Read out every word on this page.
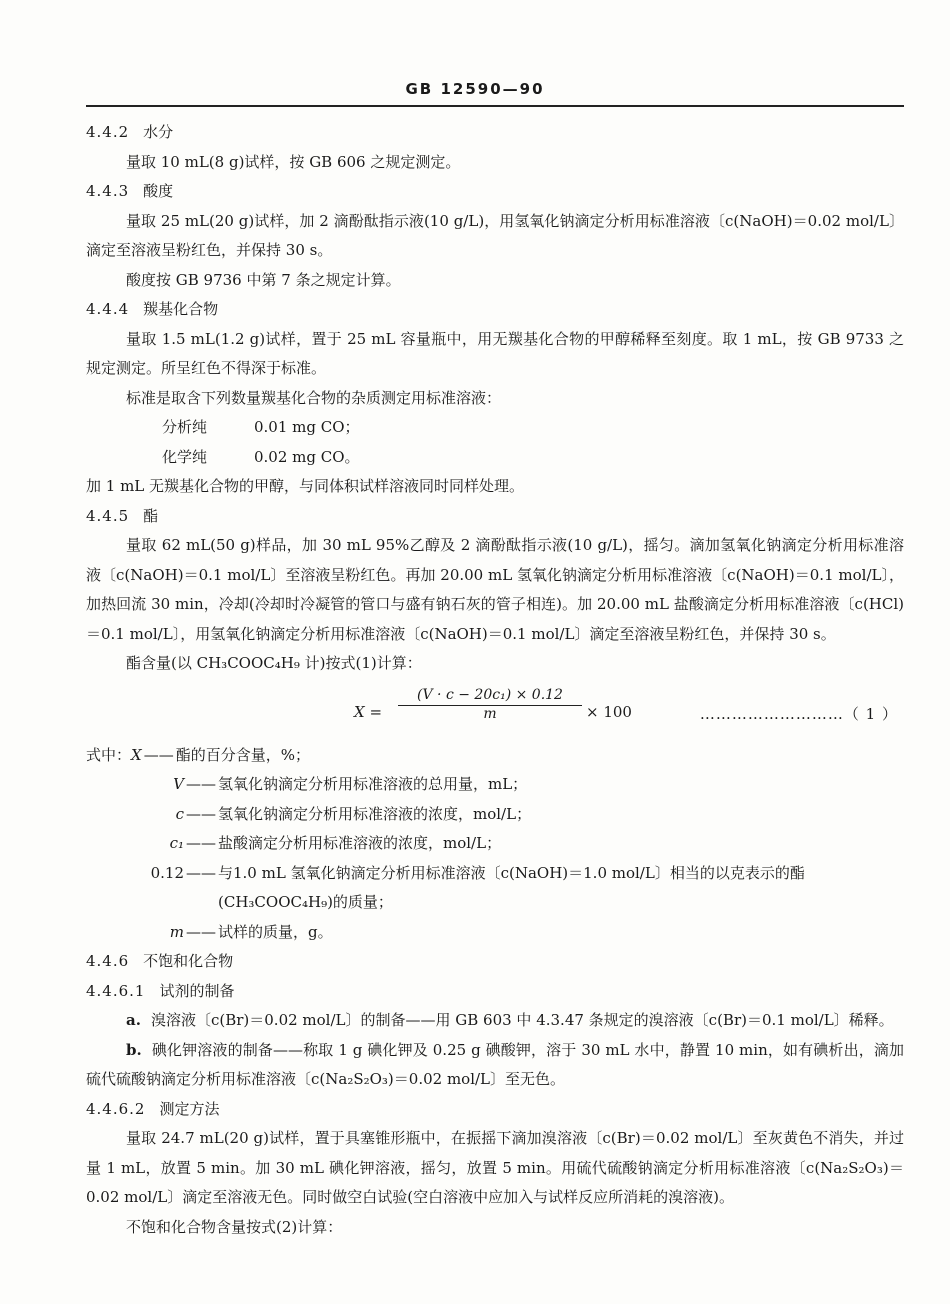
GB 12590—90

4.4.2 水分

量取 10 mL(8 g)试样，按 GB 606 之规定测定。

4.4.3 酸度

量取 25 mL(20 g)试样，加 2 滴酚酞指示液(10 g/L)，用氢氧化钠滴定分析用标准溶液〔c(NaOH)＝0.02 mol/L〕滴定至溶液呈粉红色，并保持 30 s。

酸度按 GB 9736 中第 7 条之规定计算。

4.4.4 羰基化合物

量取 1.5 mL(1.2 g)试样，置于 25 mL 容量瓶中，用无羰基化合物的甲醇稀释至刻度。取 1 mL，按 GB 9733 之规定测定。所呈红色不得深于标准。

标准是取含下列数量羰基化合物的杂质测定用标准溶液：

分析纯	0.01 mg CO；

化学纯	0.02 mg CO。

加 1 mL 无羰基化合物的甲醇，与同体积试样溶液同时同样处理。

4.4.5 酯

量取 62 mL(50 g)样品，加 30 mL 95%乙醇及 2 滴酚酞指示液(10 g/L)，摇匀。滴加氢氧化钠滴定分析用标准溶液〔c(NaOH)＝0.1 mol/L〕至溶液呈粉红色。再加 20.00 mL 氢氧化钠滴定分析用标准溶液〔c(NaOH)＝0.1 mol/L〕，加热回流 30 min，冷却(冷却时冷凝管的管口与盛有钠石灰的管子相连)。加 20.00 mL 盐酸滴定分析用标准溶液〔c(HCl)＝0.1 mol/L〕，用氢氧化钠滴定分析用标准溶液〔c(NaOH)＝0.1 mol/L〕滴定至溶液呈粉红色，并保持 30 s。

酯含量(以 CH₃COOC₄H₉ 计)按式(1)计算：

$X = \frac{\text{(V · c − 20c₁) × 0.12}}{m} \times 100$	………………………（ 1 ）
式中： X —— 酯的百分含量，%；
V —— 氢氧化钠滴定分析用标准溶液的总用量，mL；
c —— 氢氧化钠滴定分析用标准溶液的浓度，mol/L；
c₁ —— 盐酸滴定分析用标准溶液的浓度，mol/L；
0.12 —— 与1.0 mL 氢氧化钠滴定分析用标准溶液〔c(NaOH)＝1.0 mol/L〕相当的以克表示的酯(CH₃COOC₄H₉)的质量；
m —— 试样的质量，g。

4.4.6 不饱和化合物

4.4.6.1 试剂的制备

a. 溴溶液〔c(Br)＝0.02 mol/L〕的制备——用 GB 603 中 4.3.47 条规定的溴溶液〔c(Br)＝0.1 mol/L〕稀释。

b. 碘化钾溶液的制备——称取 1 g 碘化钾及 0.25 g 碘酸钾，溶于 30 mL 水中，静置 10 min，如有碘析出，滴加硫代硫酸钠滴定分析用标准溶液〔c(Na₂S₂O₃)＝0.02 mol/L〕至无色。

4.4.6.2 测定方法

量取 24.7 mL(20 g)试样，置于具塞锥形瓶中，在振摇下滴加溴溶液〔c(Br)＝0.02 mol/L〕至灰黄色不消失，并过量 1 mL，放置 5 min。加 30 mL 碘化钾溶液，摇匀，放置 5 min。用硫代硫酸钠滴定分析用标准溶液〔c(Na₂S₂O₃)＝0.02 mol/L〕滴定至溶液无色。同时做空白试验(空白溶液中应加入与试样反应所消耗的溴溶液)。

不饱和化合物含量按式(2)计算：
